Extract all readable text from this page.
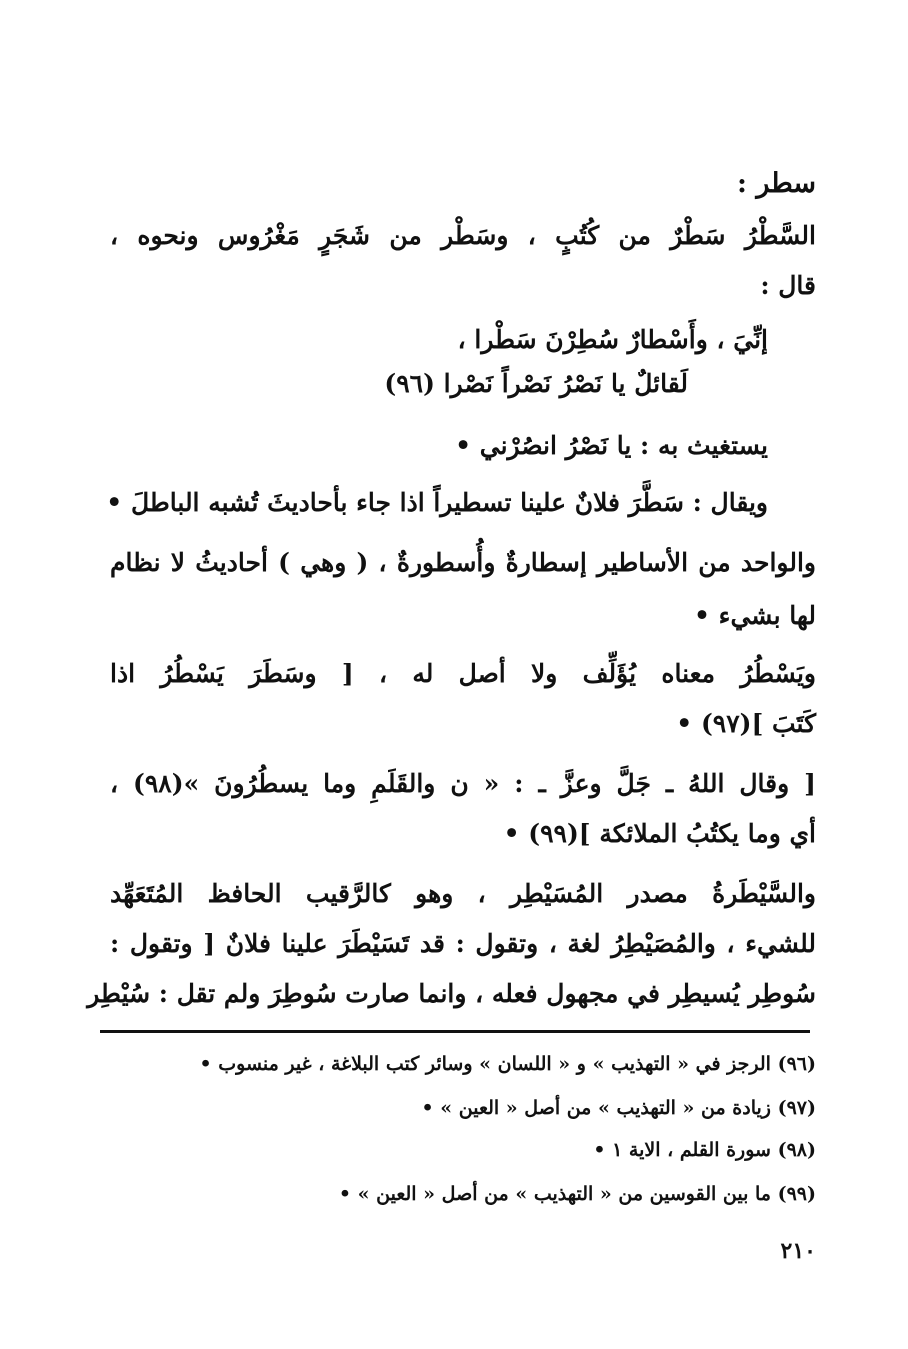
سطر :
السَّطْرُ سَطْرٌ من كُتُبٍ ، وسَطْر من شَجَرٍ مَغْرُوس ونحوه ،
قال :
إنِّيَ ، وأَسْطارٌ سُطِرْنَ سَطْرا ،
لَقائلٌ يا نَصْرُ نَصْراً نَصْرا (٩٦)
يستغيث به : يا نَصْرُ انصُرْني •
ويقال : سَطَّرَ فلانٌ علينا تسطيراً اذا جاء بأحاديثَ تُشبه الباطلَ •
والواحد من الأساطير إسطارةٌ وأُسطورةٌ ، ( وهي ) أحاديثُ لا نظام
لها بشيء •
ويَسْطُرُ معناه يُؤَلِّف ولا أصل له ، [ وسَطَرَ يَسْطُرُ اذا
كَتَبَ ](٩٧) •
[ وقال اللهُ ـ جَلَّ وعزَّ ـ : « ن والقَلَمِ وما يسطُرُونَ »(٩٨) ،
أي وما يكتُبُ الملائكة ](٩٩) •
والسَّيْطَرةُ مصدر المُسَيْطِر ، وهو كالرَّقيب الحافظ المُتَعَهِّد
للشيء ، والمُصَيْطِرُ لغة ، وتقول : قد تَسَيْطَرَ علينا فلانٌ [ وتقول :
سُوطِر يُسيطِر في مجهول فعله ، وانما صارت سُوطِرَ ولم تقل : سُيْطِر
(٩٦) الرجز في « التهذيب » و « اللسان » وسائر كتب البلاغة ، غير منسوب •
(٩٧) زيادة من « التهذيب » من أصل « العين » •
(٩٨) سورة القلم ، الاية ١ •
(٩٩) ما بين القوسين من « التهذيب » من أصل « العين » •
٢١٠
